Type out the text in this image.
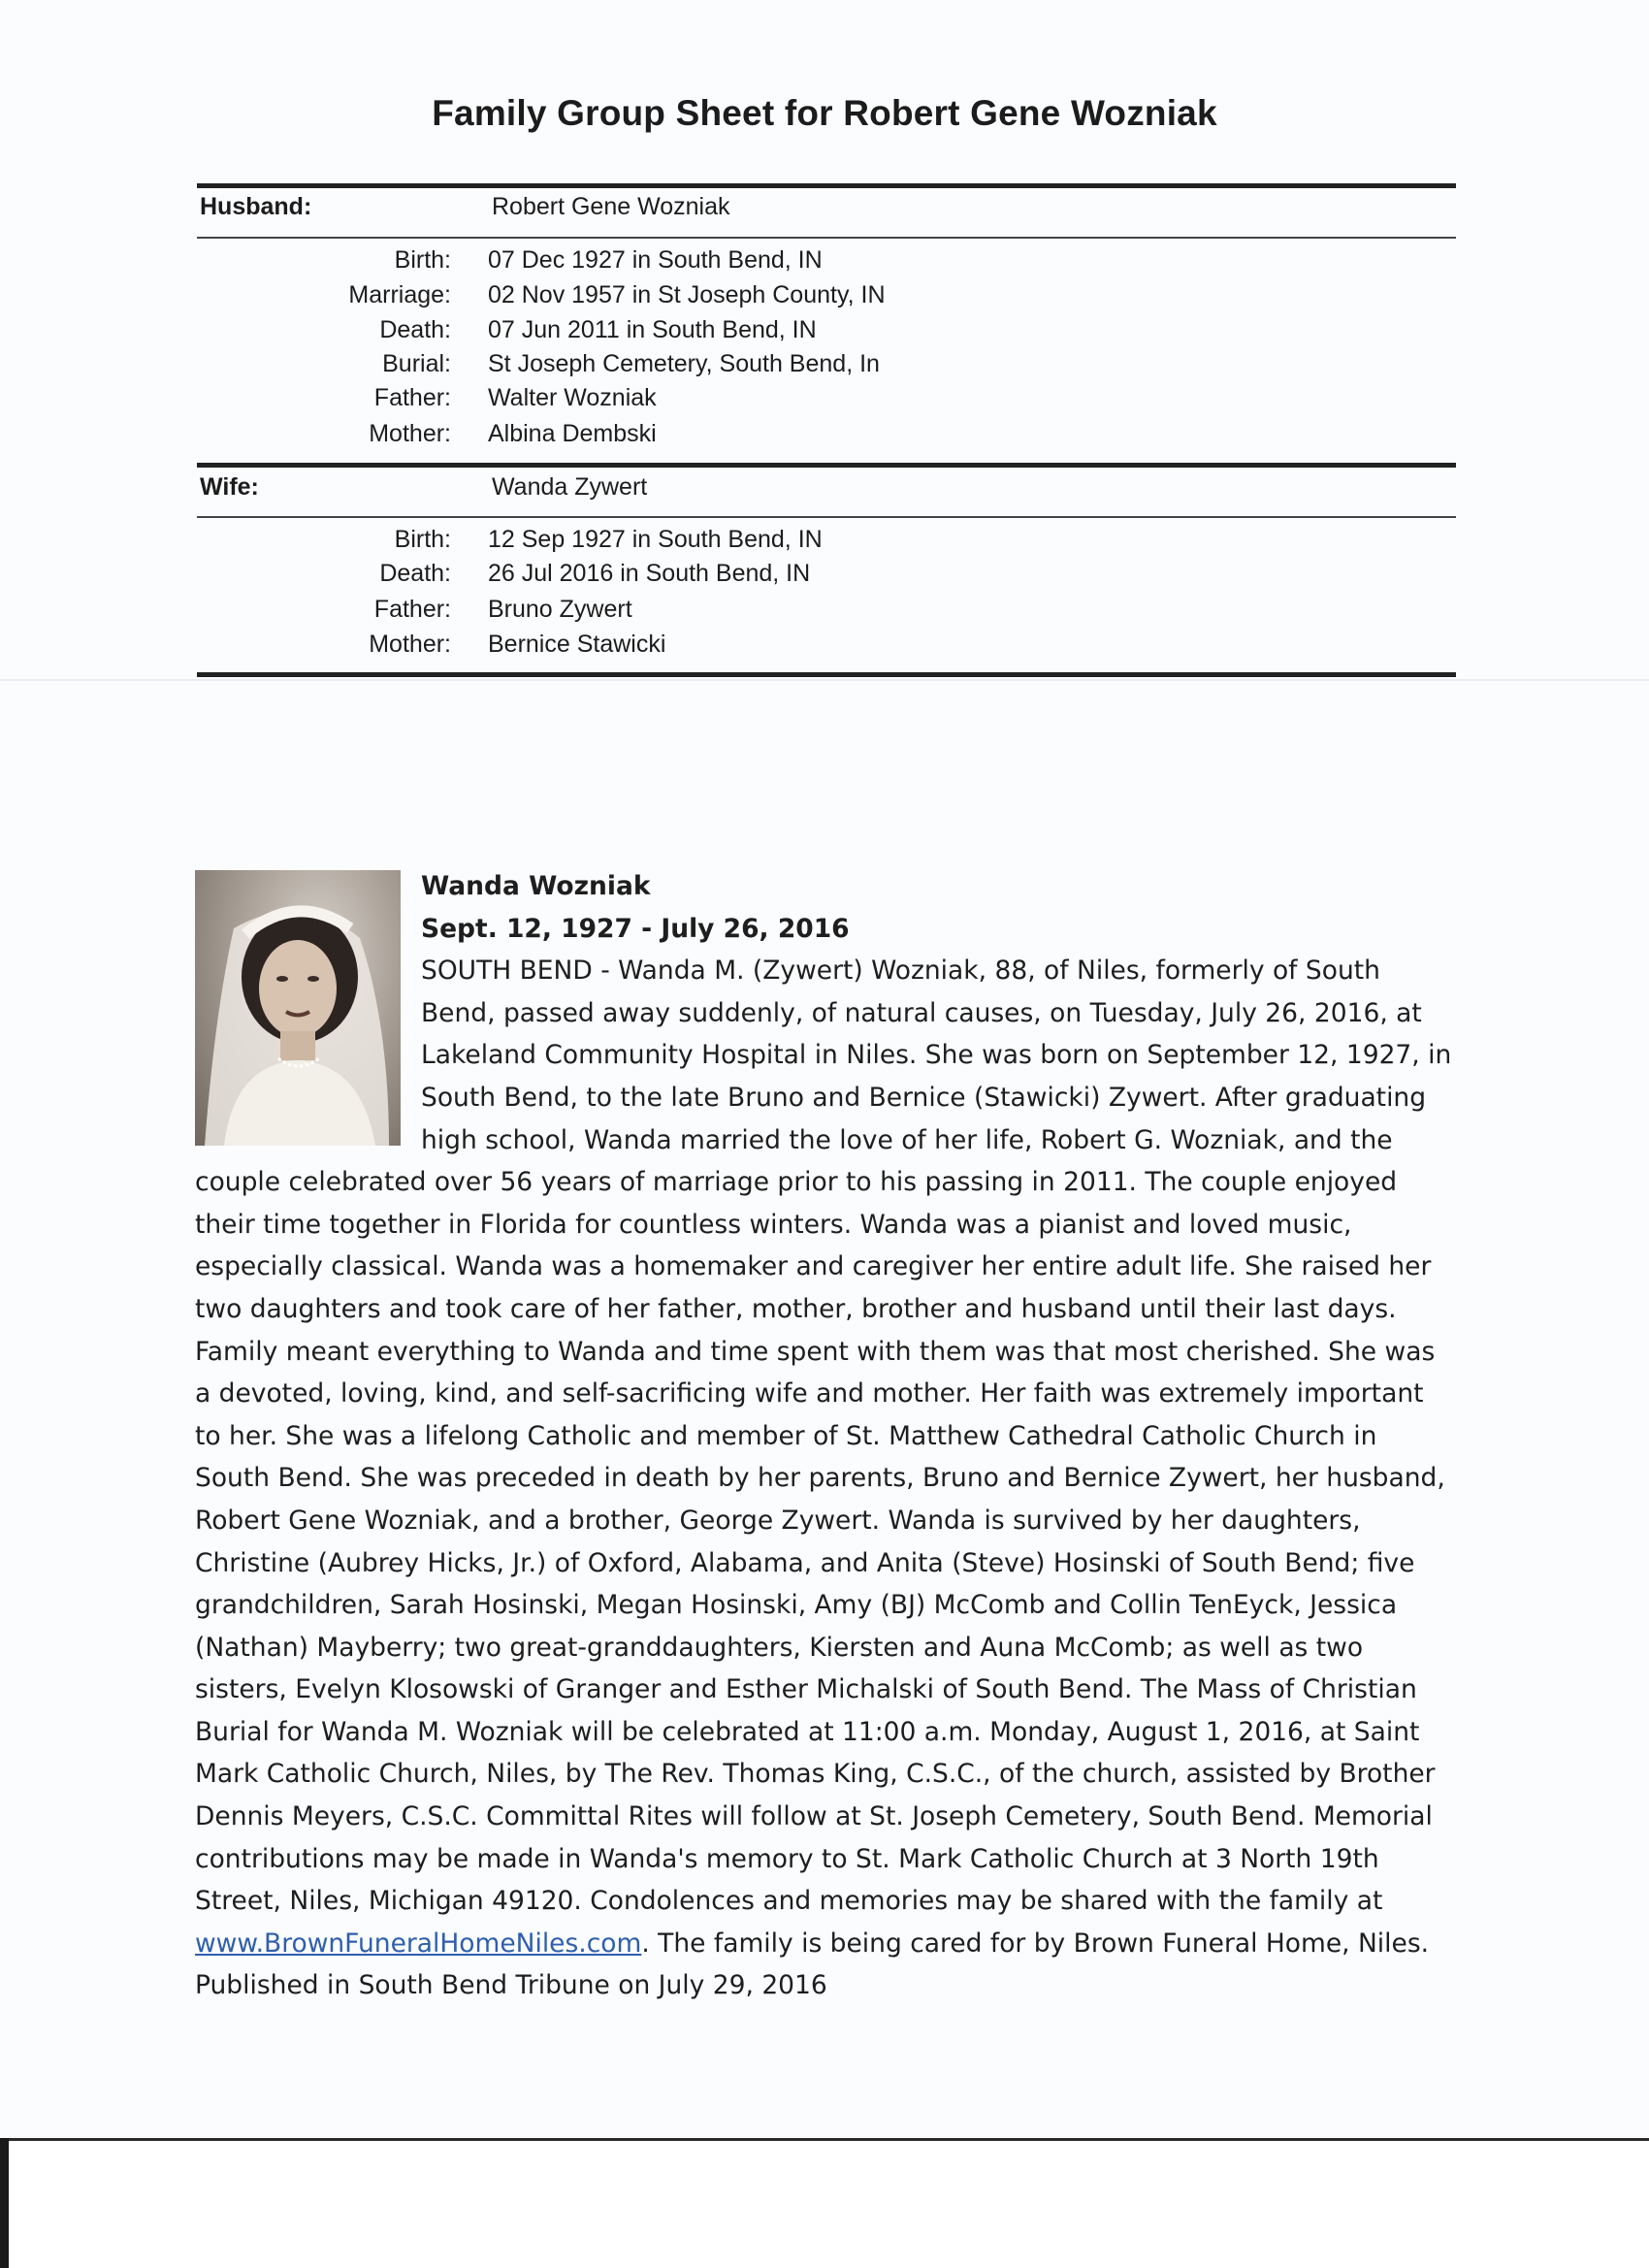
Family Group Sheet for Robert Gene Wozniak
Husband:	Robert Gene Wozniak
Birth: 07 Dec 1927 in South Bend, IN
Marriage: 02 Nov 1957 in St Joseph County, IN
Death: 07 Jun 2011 in South Bend, IN
Burial: St Joseph Cemetery, South Bend, In
Father: Walter Wozniak
Mother: Albina Dembski
Wife:	Wanda Zywert
Birth: 12 Sep 1927 in South Bend, IN
Death: 26 Jul 2016 in South Bend, IN
Father: Bruno Zywert
Mother: Bernice Stawicki
Wanda Wozniak
Sept. 12, 1927 - July 26, 2016
SOUTH BEND - Wanda M. (Zywert) Wozniak, 88, of Niles, formerly of South Bend, passed away suddenly, of natural causes, on Tuesday, July 26, 2016, at Lakeland Community Hospital in Niles. She was born on September 12, 1927, in South Bend, to the late Bruno and Bernice (Stawicki) Zywert. After graduating high school, Wanda married the love of her life, Robert G. Wozniak, and the couple celebrated over 56 years of marriage prior to his passing in 2011. The couple enjoyed their time together in Florida for countless winters. Wanda was a pianist and loved music, especially classical. Wanda was a homemaker and caregiver her entire adult life. She raised her two daughters and took care of her father, mother, brother and husband until their last days. Family meant everything to Wanda and time spent with them was that most cherished. She was a devoted, loving, kind, and self-sacrificing wife and mother. Her faith was extremely important to her. She was a lifelong Catholic and member of St. Matthew Cathedral Catholic Church in South Bend. She was preceded in death by her parents, Bruno and Bernice Zywert, her husband, Robert Gene Wozniak, and a brother, George Zywert. Wanda is survived by her daughters, Christine (Aubrey Hicks, Jr.) of Oxford, Alabama, and Anita (Steve) Hosinski of South Bend; five grandchildren, Sarah Hosinski, Megan Hosinski, Amy (BJ) McComb and Collin TenEyck, Jessica (Nathan) Mayberry; two great-granddaughters, Kiersten and Auna McComb; as well as two sisters, Evelyn Klosowski of Granger and Esther Michalski of South Bend. The Mass of Christian Burial for Wanda M. Wozniak will be celebrated at 11:00 a.m. Monday, August 1, 2016, at Saint Mark Catholic Church, Niles, by The Rev. Thomas King, C.S.C., of the church, assisted by Brother Dennis Meyers, C.S.C. Committal Rites will follow at St. Joseph Cemetery, South Bend. Memorial contributions may be made in Wanda's memory to St. Mark Catholic Church at 3 North 19th Street, Niles, Michigan 49120. Condolences and memories may be shared with the family at www.BrownFuneralHomeNiles.com. The family is being cared for by Brown Funeral Home, Niles. Published in South Bend Tribune on July 29, 2016
